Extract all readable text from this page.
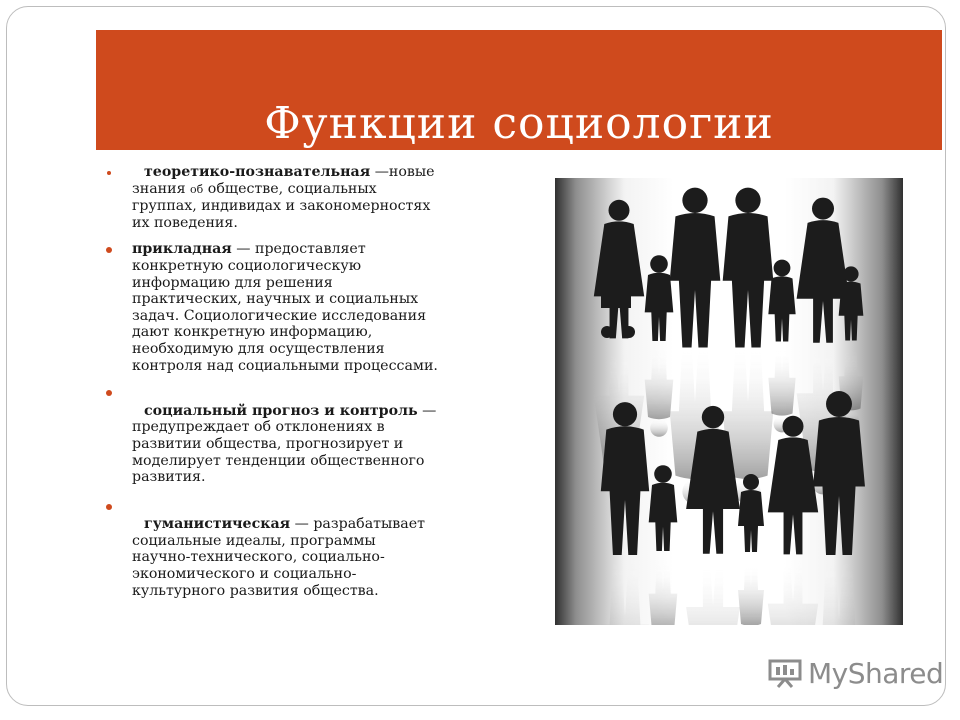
Функции социологии
теоретико-познавательная —новые
знания об обществе, социальных
группах, индивидах и закономерностях
их поведения.
прикладная — предоставляет
конкретную социологическую
информацию для решения
практических, научных и социальных
задач. Социологические исследования
дают конкретную информацию,
необходимую для осуществления
контроля над социальными процессами.

социальный прогноз и контроль —
предупреждает об отклонениях в
развитии общества, прогнозирует и
моделирует тенденции общественного
развития.

гуманистическая — разрабатывает
социальные идеалы, программы
научно-технического, социально-
экономического и социально-
культурного развития общества.
MyShared
